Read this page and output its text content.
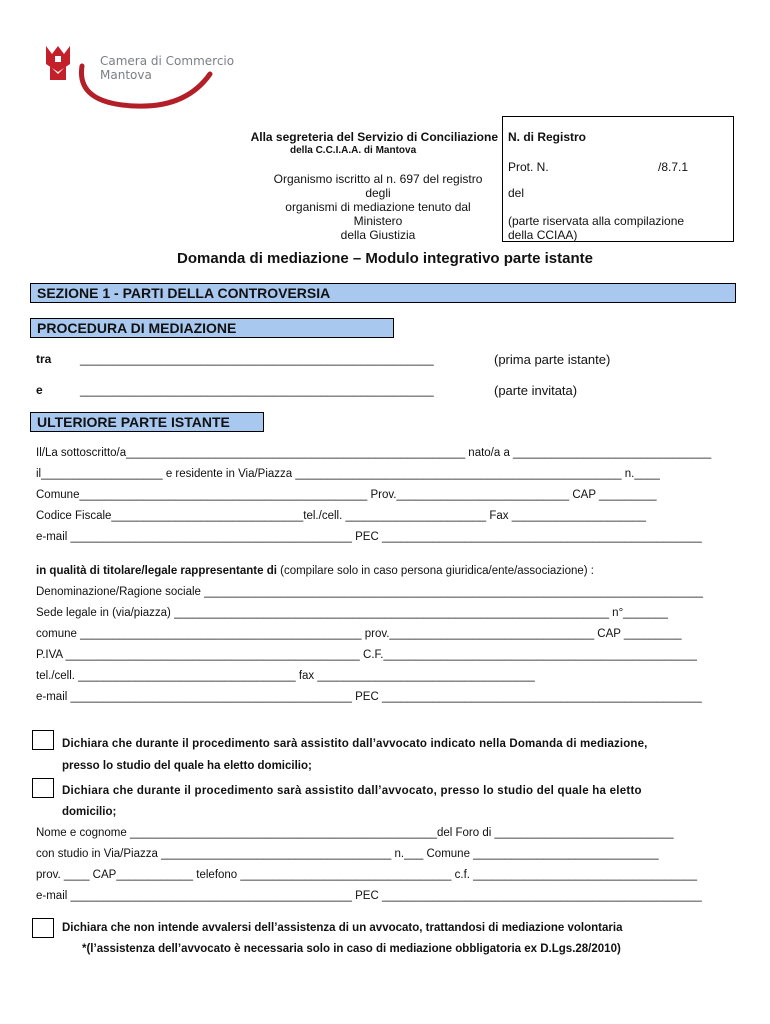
Camera di Commercio
Mantova
Alla segreteria del Servizio di Conciliazione
della C.C.I.A.A. di Mantova
Organismo iscritto al n. 697 del registro degli
organismi di mediazione tenuto dal Ministero
della Giustizia
N. di Registro
Prot. N.	/8.7.1
del
(parte riservata alla compilazione
della CCIAA)
Domanda di mediazione – Modulo integrativo parte istante
SEZIONE 1 - PARTI DELLA CONTROVERSIA
PROCEDURA DI MEDIAZIONE
tra _____________________________________________________	(prima parte istante)
e	_____________________________________________________	(parte invitata)
ULTERIORE PARTE ISTANTE
Il/La sottoscritto/a_____________________________________________________ nato/a a _______________________________
il___________________ e residente in Via/Piazza ___________________________________________________ n.____
Comune_____________________________________________ Prov.___________________________ CAP _________
Codice Fiscale______________________________tel./cell. ______________________ Fax _____________________
e-mail ____________________________________________ PEC __________________________________________________
in qualità di titolare/legale rappresentante di (compilare solo in caso persona giuridica/ente/associazione) :
Denominazione/Ragione sociale ______________________________________________________________________________
Sede legale in (via/piazza) ____________________________________________________________________ n°_______
comune ____________________________________________ prov.________________________________ CAP _________
P.IVA ______________________________________________ C.F._________________________________________________
tel./cell. __________________________________ fax __________________________________
e-mail ____________________________________________ PEC __________________________________________________
Dichiara che durante il procedimento sarà assistito dall’avvocato indicato nella Domanda di mediazione,
presso lo studio del quale ha eletto domicilio;
Dichiara che durante il procedimento sarà assistito dall’avvocato, presso lo studio del quale ha eletto
domicilio;
Nome e cognome ________________________________________________del Foro di ____________________________
con studio in Via/Piazza ____________________________________ n.___ Comune _____________________________
prov. ____ CAP____________ telefono _________________________________ c.f. ___________________________________
e-mail ____________________________________________ PEC __________________________________________________
Dichiara che non intende avvalersi dell’assistenza di un avvocato, trattandosi di mediazione volontaria
*(l’assistenza dell’avvocato è necessaria solo in caso di mediazione obbligatoria ex D.Lgs.28/2010)
